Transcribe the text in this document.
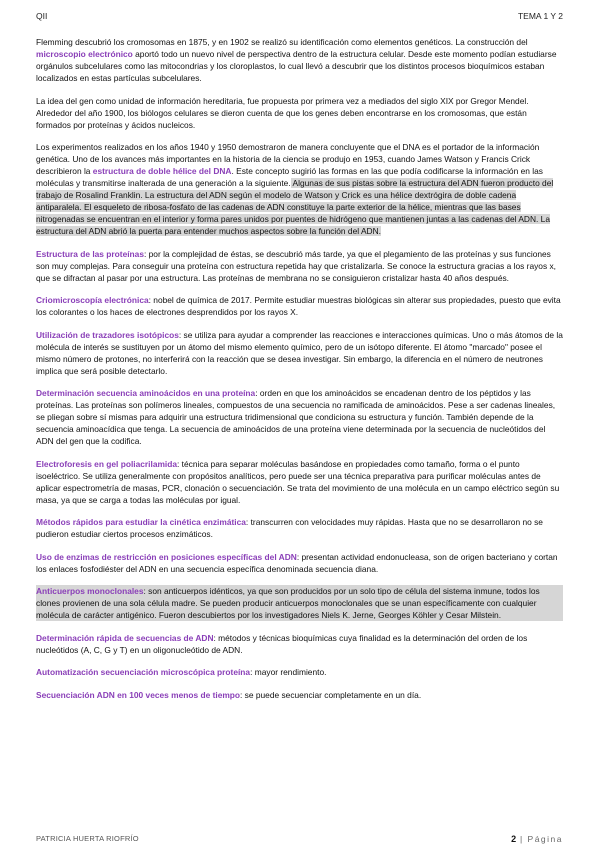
QII	TEMA 1 Y 2

Flemming descubrió los cromosomas en 1875, y en 1902 se realizó su identificación como elementos genéticos. La construcción del microscopio electrónico aportó todo un nuevo nivel de perspectiva dentro de la estructura celular. Desde este momento podían estudiarse orgánulos subcelulares como las mitocondrias y los cloroplastos, lo cual llevó a descubrir que los distintos procesos bioquímicos estaban localizados en estas partículas subcelulares.

La idea del gen como unidad de información hereditaria, fue propuesta por primera vez a mediados del siglo XIX por Gregor Mendel. Alrededor del año 1900, los biólogos celulares se dieron cuenta de que los genes deben encontrarse en los cromosomas, que están formados por proteínas y ácidos nucleicos.

Los experimentos realizados en los años 1940 y 1950 demostraron de manera concluyente que el DNA es el portador de la información genética. Uno de los avances más importantes en la historia de la ciencia se produjo en 1953, cuando James Watson y Francis Crick describieron la estructura de doble hélice del DNA. Este concepto sugirió las formas en las que podía codificarse la información en las moléculas y transmitirse inalterada de una generación a la siguiente. Algunas de sus pistas sobre la estructura del ADN fueron producto del trabajo de Rosalind Franklin. La estructura del ADN según el modelo de Watson y Crick es una hélice dextrógira de doble cadena antiparalela. El esqueleto de ribosa-fosfato de las cadenas de ADN constituye la parte exterior de la hélice, mientras que las bases nitrogenadas se encuentran en el interior y forma pares unidos por puentes de hidrógeno que mantienen juntas a las cadenas del ADN. La estructura del ADN abrió la puerta para entender muchos aspectos sobre la función del ADN.

Estructura de las proteínas: por la complejidad de éstas, se descubrió más tarde, ya que el plegamiento de las proteínas y sus funciones son muy complejas. Para conseguir una proteína con estructura repetida hay que cristalizarla. Se conoce la estructura gracias a los rayos x, que se difractan al pasar por una estructura. Las proteínas de membrana no se consiguieron cristalizar hasta 40 años después.

Criomicroscopía electrónica: nobel de química de 2017. Permite estudiar muestras biológicas sin alterar sus propiedades, puesto que evita los colorantes o los haces de electrones desprendidos por los rayos X.

Utilización de trazadores isotópicos: se utiliza para ayudar a comprender las reacciones e interacciones químicas. Uno o más átomos de la molécula de interés se sustituyen por un átomo del mismo elemento químico, pero de un isótopo diferente. El átomo "marcado" posee el mismo número de protones, no interferirá con la reacción que se desea investigar. Sin embargo, la diferencia en el número de neutrones implica que será posible detectarlo.

Determinación secuencia aminoácidos en una proteína: orden en que los aminoácidos se encadenan dentro de los péptidos y las proteínas. Las proteínas son polímeros lineales, compuestos de una secuencia no ramificada de aminoácidos. Pese a ser cadenas lineales, se pliegan sobre sí mismas para adquirir una estructura tridimensional que condiciona su estructura y función. También depende de la secuencia aminoacídica que tenga. La secuencia de aminoácidos de una proteína viene determinada por la secuencia de nucleótidos del ADN del gen que la codifica.

Electroforesis en gel poliacrilamida: técnica para separar moléculas basándose en propiedades como tamaño, forma o el punto isoeléctrico. Se utiliza generalmente con propósitos analíticos, pero puede ser una técnica preparativa para purificar moléculas antes de aplicar espectrometría de masas, PCR, clonación o secuenciación. Se trata del movimiento de una molécula en un campo eléctrico según su masa, ya que se carga a todas las moléculas por igual.

Métodos rápidos para estudiar la cinética enzimática: transcurren con velocidades muy rápidas. Hasta que no se desarrollaron no se pudieron estudiar ciertos procesos enzimáticos.

Uso de enzimas de restricción en posiciones específicas del ADN: presentan actividad endonucleasa, son de origen bacteriano y cortan los enlaces fosfodiéster del ADN en una secuencia específica denominada secuencia diana.

Anticuerpos monoclonales: son anticuerpos idénticos, ya que son producidos por un solo tipo de célula del sistema inmune, todos los clones provienen de una sola célula madre. Se pueden producir anticuerpos monoclonales que se unan específicamente con cualquier molécula de carácter antigénico. Fueron descubiertos por los investigadores Niels K. Jerne, Georges Köhler y Cesar Milstein.

Determinación rápida de secuencias de ADN: métodos y técnicas bioquímicas cuya finalidad es la determinación del orden de los nucleótidos (A, C, G y T) en un oligonucleótido de ADN.

Automatización secuenciación microscópica proteína: mayor rendimiento.

Secuenciación ADN en 100 veces menos de tiempo: se puede secuenciar completamente en un día.

PATRICIA HUERTA RIOFRÍO	2 | Página
